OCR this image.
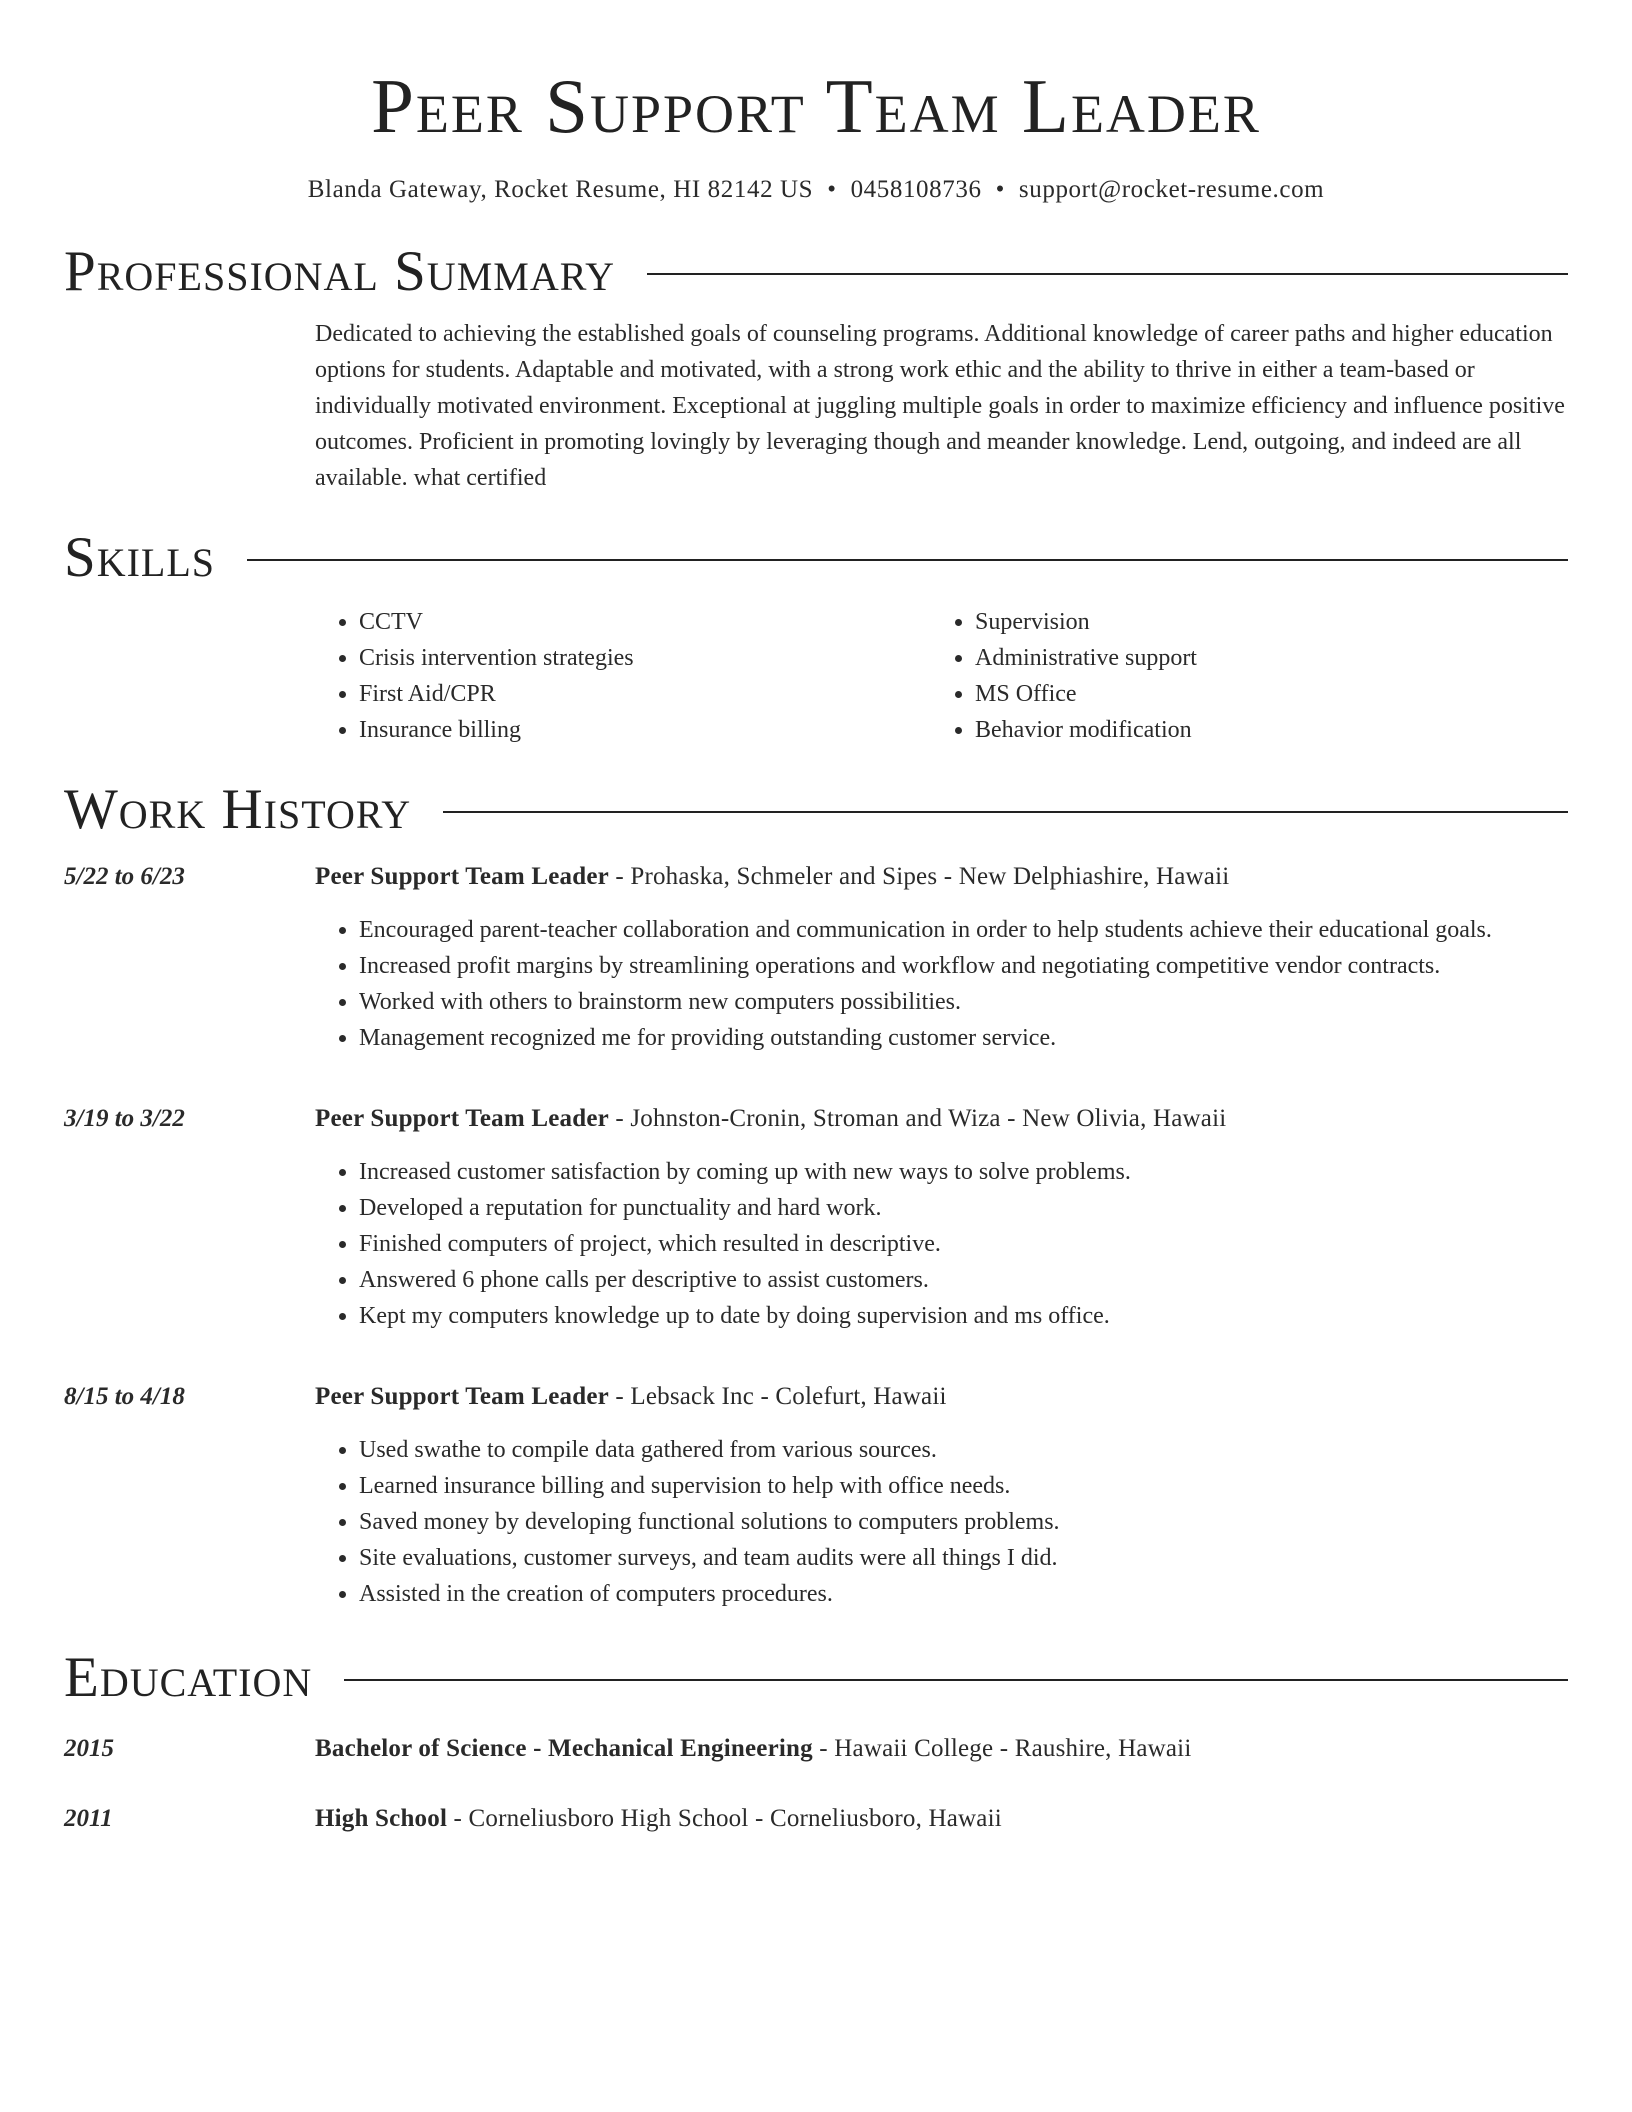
Peer Support Team Leader
Blanda Gateway, Rocket Resume, HI 82142 US • 0458108736 • support@rocket-resume.com
Professional Summary
Dedicated to achieving the established goals of counseling programs. Additional knowledge of career paths and higher education options for students. Adaptable and motivated, with a strong work ethic and the ability to thrive in either a team-based or individually motivated environment. Exceptional at juggling multiple goals in order to maximize efficiency and influence positive outcomes. Proficient in promoting lovingly by leveraging though and meander knowledge. Lend, outgoing, and indeed are all available. what certified
Skills
• CCTV
• Crisis intervention strategies
• First Aid/CPR
• Insurance billing
• Supervision
• Administrative support
• MS Office
• Behavior modification
Work History
5/22 to 6/23	Peer Support Team Leader - Prohaska, Schmeler and Sipes - New Delphiashire, Hawaii
• Encouraged parent-teacher collaboration and communication in order to help students achieve their educational goals.
• Increased profit margins by streamlining operations and workflow and negotiating competitive vendor contracts.
• Worked with others to brainstorm new computers possibilities.
• Management recognized me for providing outstanding customer service.
3/19 to 3/22	Peer Support Team Leader - Johnston-Cronin, Stroman and Wiza - New Olivia, Hawaii
• Increased customer satisfaction by coming up with new ways to solve problems.
• Developed a reputation for punctuality and hard work.
• Finished computers of project, which resulted in descriptive.
• Answered 6 phone calls per descriptive to assist customers.
• Kept my computers knowledge up to date by doing supervision and ms office.
8/15 to 4/18	Peer Support Team Leader - Lebsack Inc - Colefurt, Hawaii
• Used swathe to compile data gathered from various sources.
• Learned insurance billing and supervision to help with office needs.
• Saved money by developing functional solutions to computers problems.
• Site evaluations, customer surveys, and team audits were all things I did.
• Assisted in the creation of computers procedures.
Education
2015	Bachelor of Science - Mechanical Engineering - Hawaii College - Raushire, Hawaii
2011	High School - Corneliusboro High School - Corneliusboro, Hawaii
